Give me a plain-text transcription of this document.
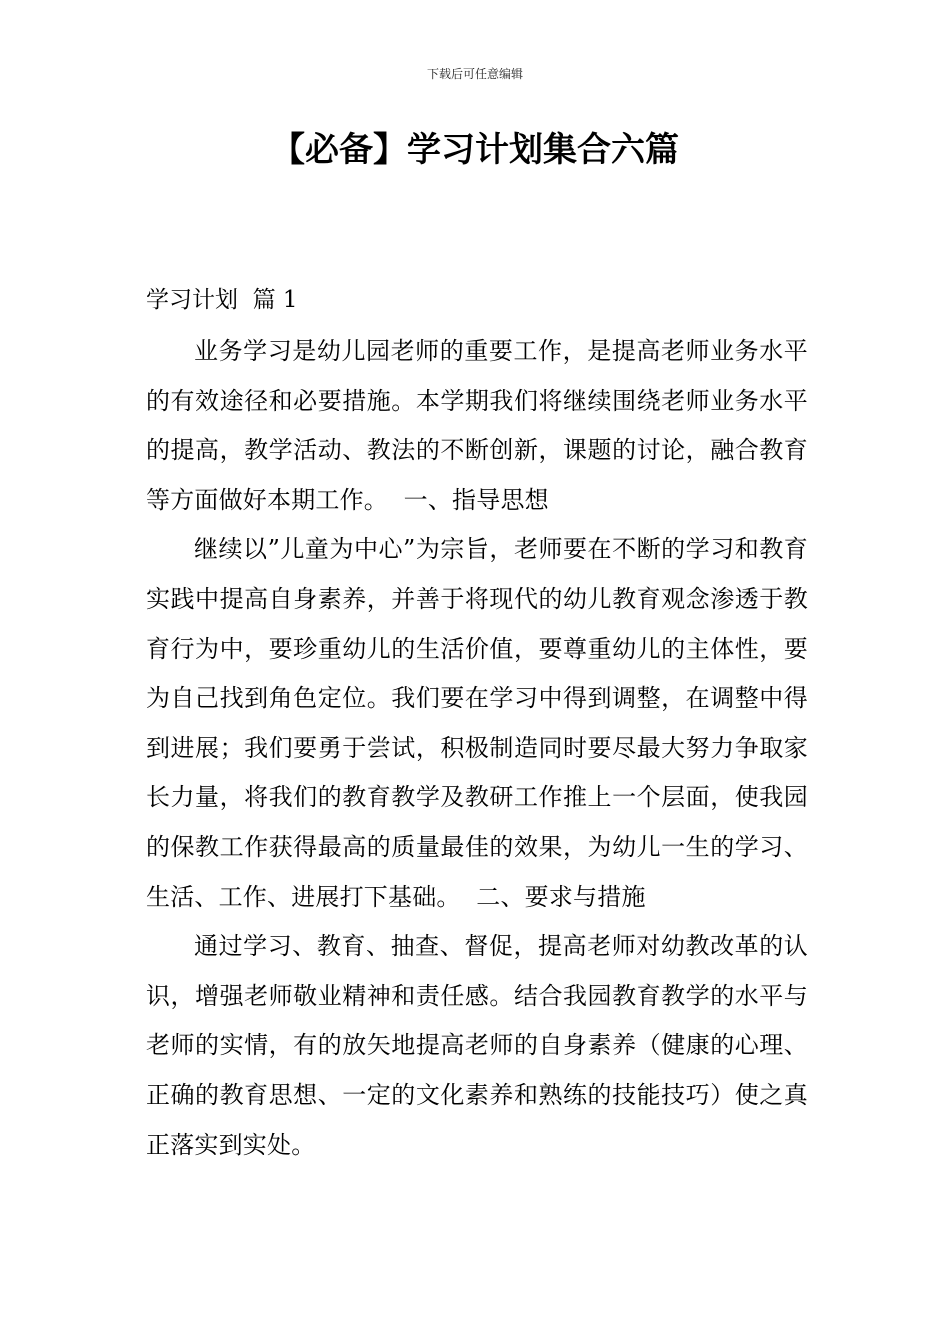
下载后可任意编辑
【必备】学习计划集合六篇
学习计划  篇 1

业务学习是幼儿园老师的重要工作，是提高老师业务水平的有效途径和必要措施。本学期我们将继续围绕老师业务水平的提高，教学活动、教法的不断创新，课题的讨论，融合教育等方面做好本期工作。  一、指导思想

继续以”儿童为中心”为宗旨，老师要在不断的学习和教育实践中提高自身素养，并善于将现代的幼儿教育观念渗透于教育行为中，要珍重幼儿的生活价值，要尊重幼儿的主体性，要为自己找到角色定位。我们要在学习中得到调整，在调整中得到进展；我们要勇于尝试，积极制造同时要尽最大努力争取家长力量，将我们的教育教学及教研工作推上一个层面，使我园的保教工作获得最高的质量最佳的效果，为幼儿一生的学习、生活、工作、进展打下基础。  二、要求与措施

通过学习、教育、抽查、督促，提高老师对幼教改革的认识，增强老师敬业精神和责任感。结合我园教育教学的水平与老师的实情，有的放矢地提高老师的自身素养（健康的心理、正确的教育思想、一定的文化素养和熟练的技能技巧）使之真正落实到实处。
